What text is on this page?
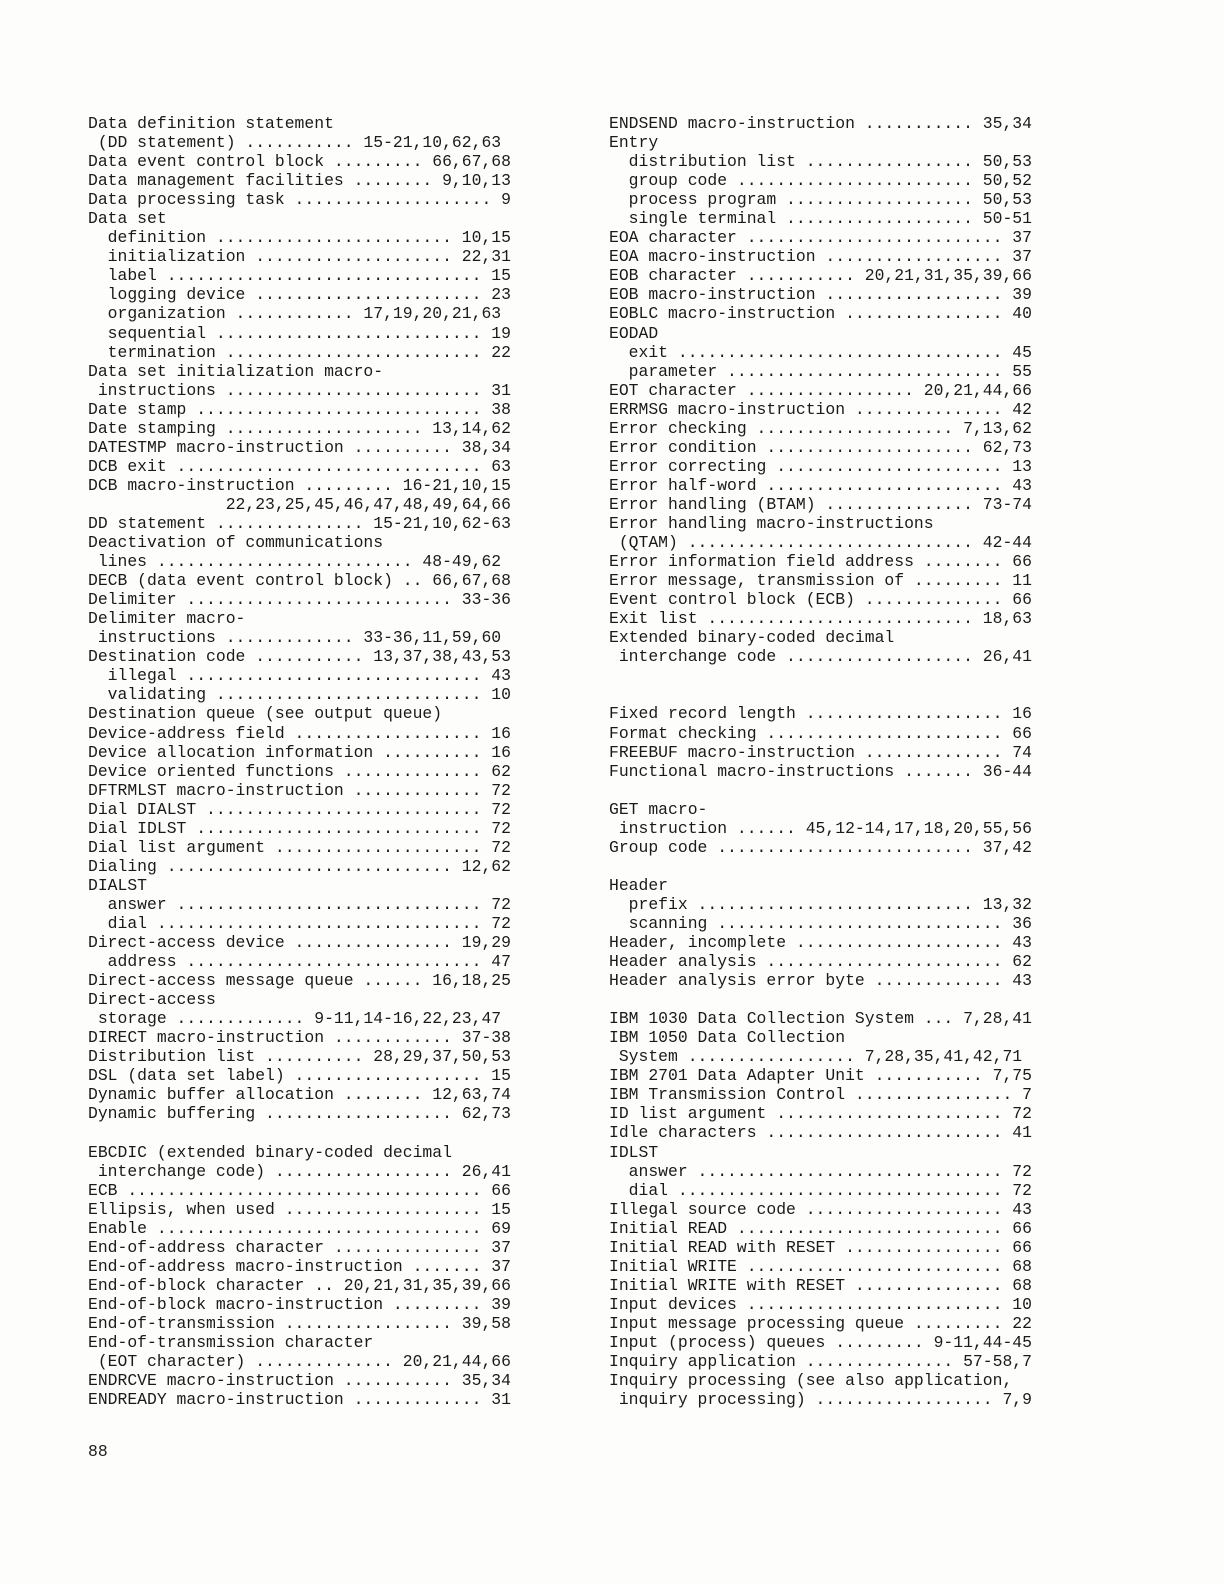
Data definition statement
(DD statement) ........... 15-21,10,62,63
Data event control block ......... 66,67,68
Data management facilities ........ 9,10,13
Data processing task .................... 9
Data set
definition ........................ 10,15
initialization .................... 22,31
label ................................ 15
logging device ....................... 23
organization ............ 17,19,20,21,63
sequential ........................... 19
termination .......................... 22
Data set initialization macro-
instructions .......................... 31
Date stamp ............................. 38
Date stamping .................... 13,14,62
DATESTMP macro-instruction .......... 38,34
DCB exit ............................... 63
DCB macro-instruction ......... 16-21,10,15
22,23,25,45,46,47,48,49,64,66
DD statement ............... 15-21,10,62-63
Deactivation of communications
lines .......................... 48-49,62
DECB (data event control block) .. 66,67,68
Delimiter ........................... 33-36
Delimiter macro-
instructions ............. 33-36,11,59,60
Destination code ........... 13,37,38,43,53
illegal .............................. 43
validating ........................... 10
Destination queue (see output queue)
Device-address field ................... 16
Device allocation information .......... 16
Device oriented functions .............. 62
DFTRMLST macro-instruction ............. 72
Dial DIALST ............................ 72
Dial IDLST ............................. 72
Dial list argument ..................... 72
Dialing ............................. 12,62
DIALST
answer ............................... 72
dial ................................. 72
Direct-access device ................ 19,29
address .............................. 47
Direct-access message queue ...... 16,18,25
Direct-access
storage ............. 9-11,14-16,22,23,47
DIRECT macro-instruction ............ 37-38
Distribution list .......... 28,29,37,50,53
DSL (data set label) ................... 15
Dynamic buffer allocation ........ 12,63,74
Dynamic buffering ................... 62,73
EBCDIC (extended binary-coded decimal
interchange code) .................. 26,41
ECB .................................... 66
Ellipsis, when used .................... 15
Enable ................................. 69
End-of-address character ............... 37
End-of-address macro-instruction ....... 37
End-of-block character .. 20,21,31,35,39,66
End-of-block macro-instruction ......... 39
End-of-transmission ................. 39,58
End-of-transmission character
(EOT character) .............. 20,21,44,66
ENDRCVE macro-instruction ........... 35,34
ENDREADY macro-instruction ............. 31
ENDSEND macro-instruction ........... 35,34
Entry
distribution list ................. 50,53
group code ........................ 50,52
process program ................... 50,53
single terminal ................... 50-51
EOA character .......................... 37
EOA macro-instruction .................. 37
EOB character ........... 20,21,31,35,39,66
EOB macro-instruction .................. 39
EOBLC macro-instruction ................ 40
EODAD
exit ................................. 45
parameter ............................ 55
EOT character ................. 20,21,44,66
ERRMSG macro-instruction ............... 42
Error checking .................... 7,13,62
Error condition ..................... 62,73
Error correcting ....................... 13
Error half-word ........................ 43
Error handling (BTAM) ............... 73-74
Error handling macro-instructions
(QTAM) ............................. 42-44
Error information field address ........ 66
Error message, transmission of ......... 11
Event control block (ECB) .............. 66
Exit list ........................... 18,63
Extended binary-coded decimal
interchange code ................... 26,41
Fixed record length .................... 16
Format checking ........................ 66
FREEBUF macro-instruction .............. 74
Functional macro-instructions ....... 36-44
GET macro-
instruction ...... 45,12-14,17,18,20,55,56
Group code .......................... 37,42
Header
prefix ............................ 13,32
scanning ............................. 36
Header, incomplete ..................... 43
Header analysis ........................ 62
Header analysis error byte ............. 43
IBM 1030 Data Collection System ... 7,28,41
IBM 1050 Data Collection
System ................. 7,28,35,41,42,71
IBM 2701 Data Adapter Unit ........... 7,75
IBM Transmission Control ................ 7
ID list argument ....................... 72
Idle characters ........................ 41
IDLST
answer ............................... 72
dial ................................. 72
Illegal source code .................... 43
Initial READ ........................... 66
Initial READ with RESET ................ 66
Initial WRITE .......................... 68
Initial WRITE with RESET ............... 68
Input devices .......................... 10
Input message processing queue ......... 22
Input (process) queues ......... 9-11,44-45
Inquiry application ............... 57-58,7
Inquiry processing (see also application,
inquiry processing) .................. 7,9
88
